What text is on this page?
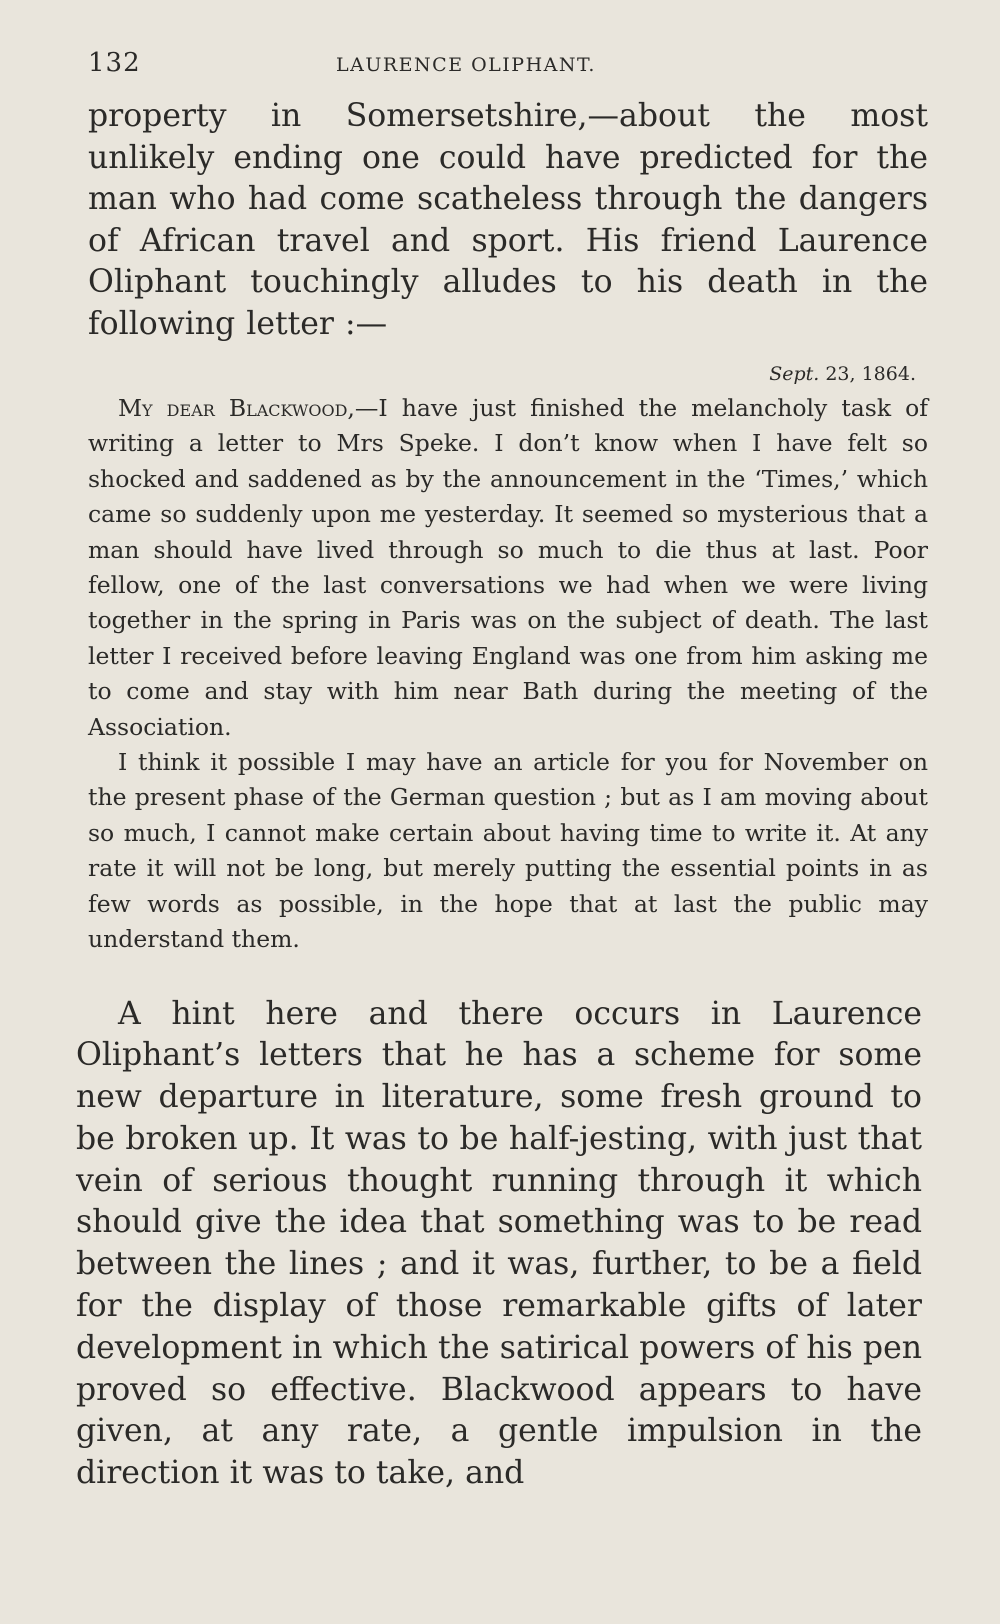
132	LAURENCE OLIPHANT.

property in Somersetshire,—about the most unlikely ending one could have predicted for the man who had come scatheless through the dangers of African travel and sport. His friend Laurence Oliphant touchingly alludes to his death in the following letter :—

Sept. 23, 1864.

My dear Blackwood,—I have just finished the melancholy task of writing a letter to Mrs Speke. I don’t know when I have felt so shocked and saddened as by the announcement in the ‘Times,’ which came so suddenly upon me yesterday. It seemed so mysterious that a man should have lived through so much to die thus at last. Poor fellow, one of the last conversations we had when we were living together in the spring in Paris was on the subject of death. The last letter I received before leaving England was one from him asking me to come and stay with him near Bath during the meeting of the Association.

I think it possible I may have an article for you for November on the present phase of the German question ; but as I am moving about so much, I cannot make certain about having time to write it. At any rate it will not be long, but merely putting the essential points in as few words as possible, in the hope that at last the public may understand them.

A hint here and there occurs in Laurence Oliphant’s letters that he has a scheme for some new departure in literature, some fresh ground to be broken up. It was to be half-jesting, with just that vein of serious thought running through it which should give the idea that something was to be read between the lines ; and it was, further, to be a field for the display of those remarkable gifts of later development in which the satirical powers of his pen proved so effective. Blackwood appears to have given, at any rate, a gentle impulsion in the direction it was to take, and
